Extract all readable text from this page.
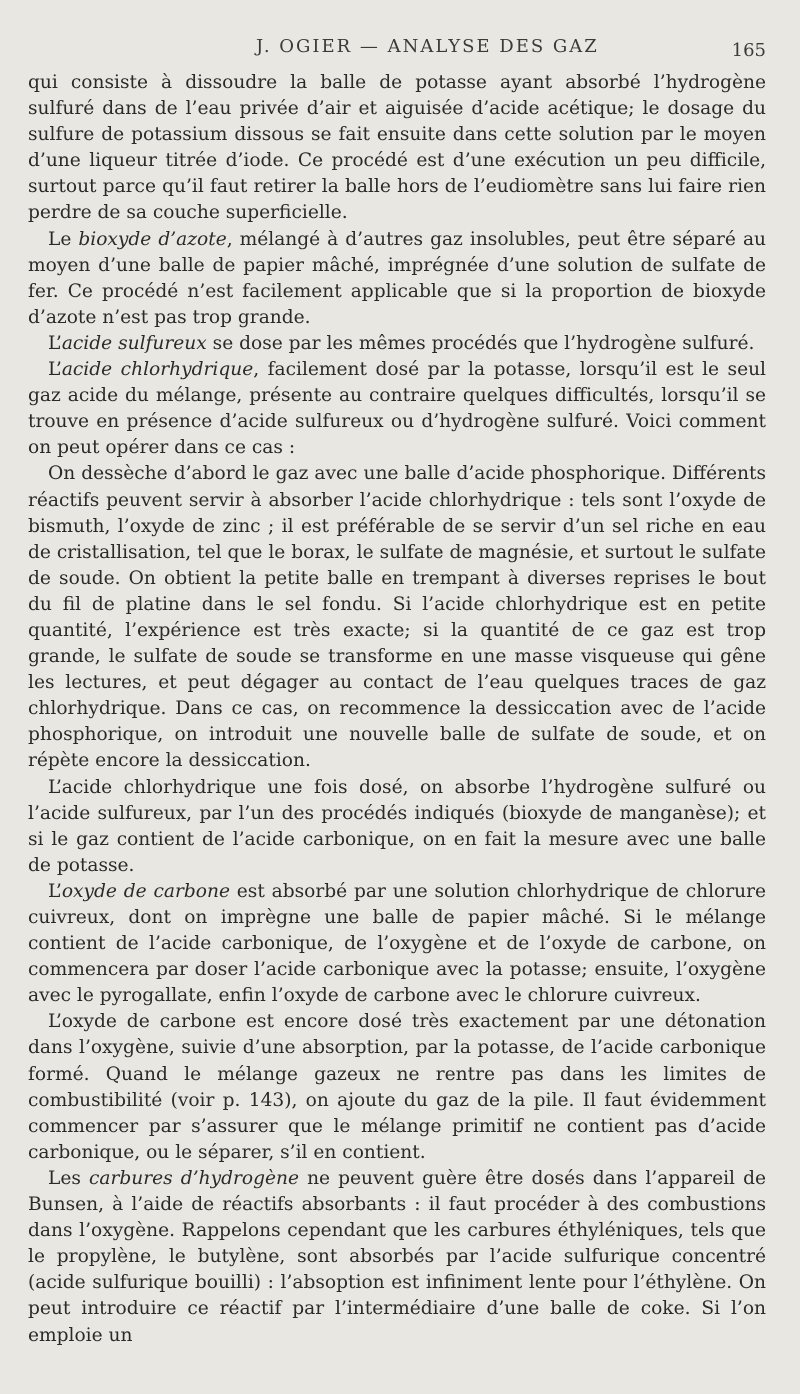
J. OGIER — ANALYSE DES GAZ	165

qui consiste à dissoudre la balle de potasse ayant absorbé l’hydrogène sulfuré dans de l’eau privée d’air et aiguisée d’acide acétique; le dosage du sulfure de potassium dissous se fait ensuite dans cette solution par le moyen d’une liqueur titrée d’iode. Ce procédé est d’une exécution un peu difficile, surtout parce qu’il faut retirer la balle hors de l’eudiomètre sans lui faire rien perdre de sa couche superficielle.

Le bioxyde d’azote, mélangé à d’autres gaz insolubles, peut être séparé au moyen d’une balle de papier mâché, imprégnée d’une solution de sulfate de fer. Ce procédé n’est facilement applicable que si la proportion de bioxyde d’azote n’est pas trop grande.

L’acide sulfureux se dose par les mêmes procédés que l’hydrogène sulfuré.

L’acide chlorhydrique, facilement dosé par la potasse, lorsqu’il est le seul gaz acide du mélange, présente au contraire quelques difficultés, lorsqu’il se trouve en présence d’acide sulfureux ou d’hydrogène sulfuré. Voici comment on peut opérer dans ce cas :

On dessèche d’abord le gaz avec une balle d’acide phosphorique. Différents réactifs peuvent servir à absorber l’acide chlorhydrique : tels sont l’oxyde de bismuth, l’oxyde de zinc ; il est préférable de se servir d’un sel riche en eau de cristallisation, tel que le borax, le sulfate de magnésie, et surtout le sulfate de soude. On obtient la petite balle en trempant à diverses reprises le bout du fil de platine dans le sel fondu. Si l’acide chlorhydrique est en petite quantité, l’expérience est très exacte; si la quantité de ce gaz est trop grande, le sulfate de soude se transforme en une masse visqueuse qui gêne les lectures, et peut dégager au contact de l’eau quelques traces de gaz chlorhydrique. Dans ce cas, on recommence la dessiccation avec de l’acide phosphorique, on introduit une nouvelle balle de sulfate de soude, et on répète encore la dessiccation.

L’acide chlorhydrique une fois dosé, on absorbe l’hydrogène sulfuré ou l’acide sulfureux, par l’un des procédés indiqués (bioxyde de manganèse); et si le gaz contient de l’acide carbonique, on en fait la mesure avec une balle de potasse.

L’oxyde de carbone est absorbé par une solution chlorhydrique de chlorure cuivreux, dont on imprègne une balle de papier mâché. Si le mélange contient de l’acide carbonique, de l’oxygène et de l’oxyde de carbone, on commencera par doser l’acide carbonique avec la potasse; ensuite, l’oxygène avec le pyrogallate, enfin l’oxyde de carbone avec le chlorure cuivreux.

L’oxyde de carbone est encore dosé très exactement par une détonation dans l’oxygène, suivie d’une absorption, par la potasse, de l’acide carbonique formé. Quand le mélange gazeux ne rentre pas dans les limites de combustibilité (voir p. 143), on ajoute du gaz de la pile. Il faut évidemment commencer par s’assurer que le mélange primitif ne contient pas d’acide carbonique, ou le séparer, s’il en contient.

Les carbures d’hydrogène ne peuvent guère être dosés dans l’appareil de Bunsen, à l’aide de réactifs absorbants : il faut procéder à des combustions dans l’oxygène. Rappelons cependant que les carbures éthyléniques, tels que le propylène, le butylène, sont absorbés par l’acide sulfurique concentré (acide sulfurique bouilli) : l’absoption est infiniment lente pour l’éthylène. On peut introduire ce réactif par l’intermédiaire d’une balle de coke. Si l’on emploie un
